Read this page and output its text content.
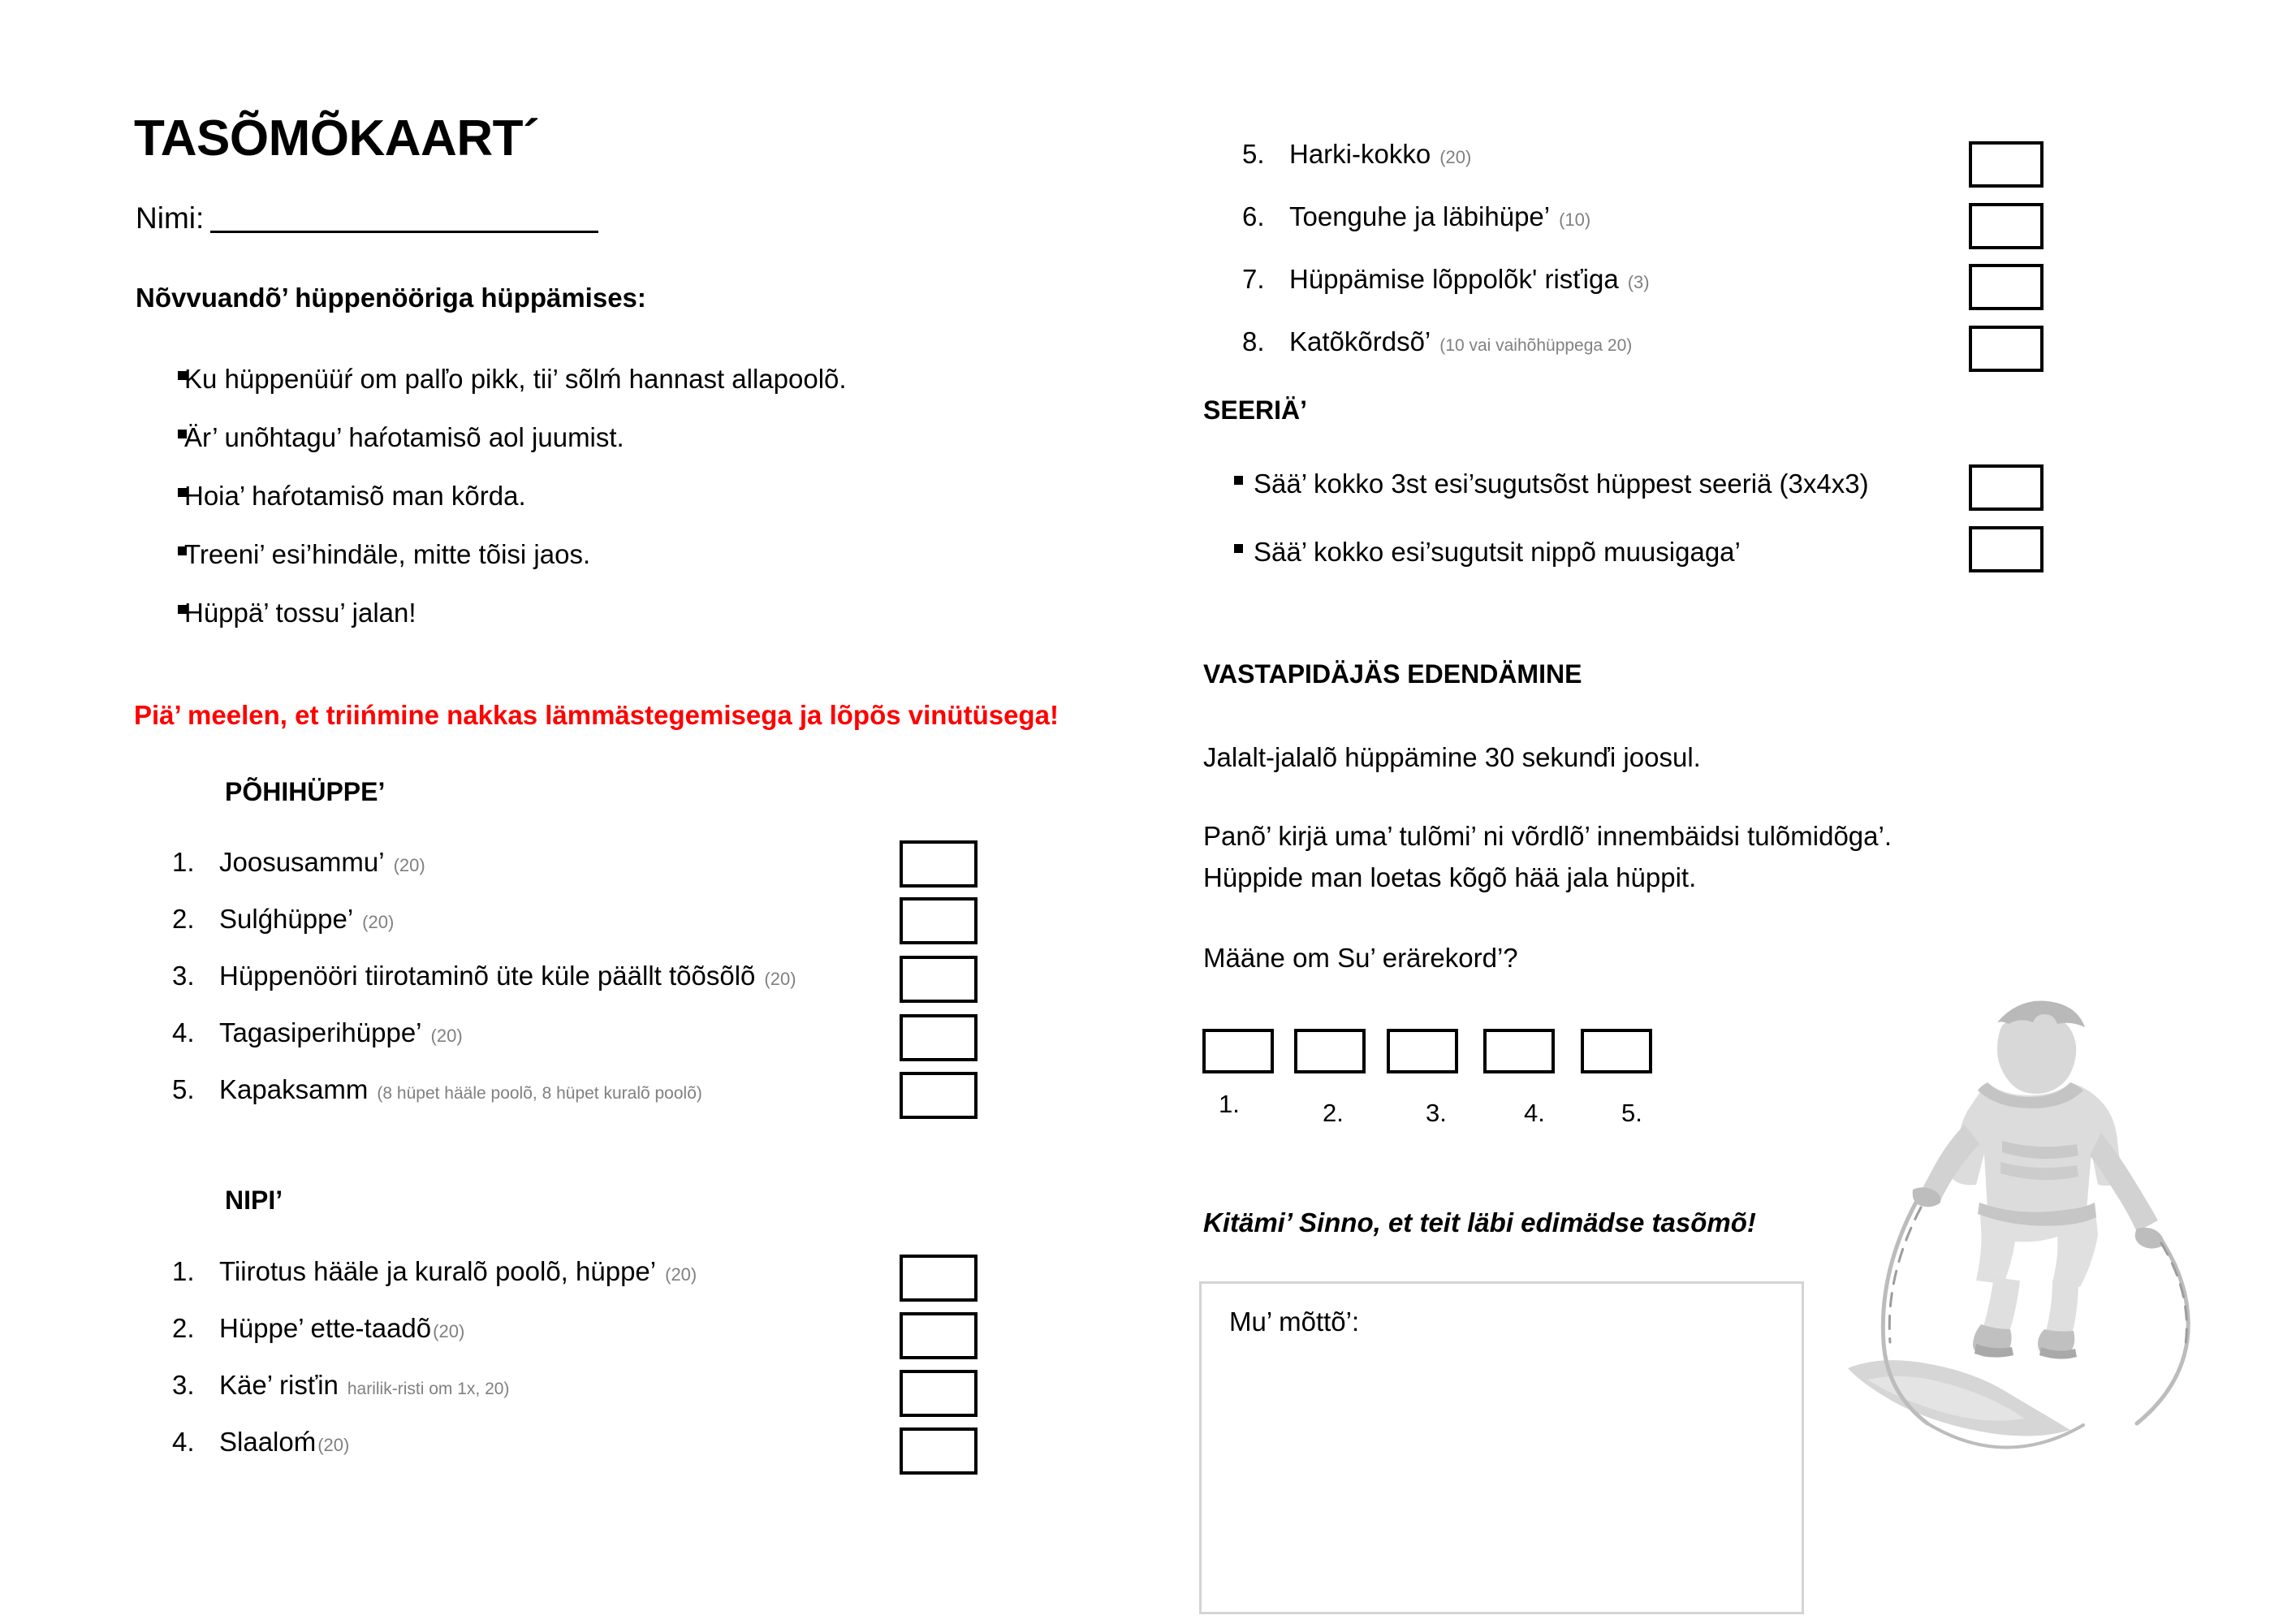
TASÕMÕKAART´
Nimi:
Nõvvuandõ’ hüppenööriga hüppämises:
Ku hüppenüüŕ om palľo pikk, tii’ sõlḿ hannast allapoolõ.
Är’ unõhtagu’ haŕotamisõ aol juumist.
Hoia’ haŕotamisõ man kõrda.
Treeni’ esi’hindäle, mitte tõisi jaos.
Hüppä’ tossu’ jalan!
Piä’ meelen, et triińmine nakkas lämmästegemisega ja lõpõs vinütüsega!
PÕHIHÜPPE’
1. Joosusammu’ (20)
2. Sulǵhüppe’ (20)
3. Hüppenööri tiirotaminõ üte küle päällt tõõsõlõ (20)
4. Tagasiperihüppe’ (20)
5. Kapaksamm (8 hüpet hääle poolõ, 8 hüpet kuralõ poolõ)
NIPI’
1. Tiirotus hääle ja kuralõ poolõ, hüppe’ (20)
2. Hüppe’ ette-taadõ (20)
3. Käe’ risťin harilik-risti om 1x, 20)
4. Slaaloḿ (20)
5. Harki-kokko (20)
6. Toenguhe ja läbihüpe’ (10)
7. Hüppämise lõppolõk' risťiga (3)
8. Katõkõrdsõ’ (10 vai vaihõhüppega 20)
SEERIÄ’
Sää’ kokko 3st esi’sugutsõst hüppest seeriä (3x4x3)
Sää’ kokko esi’sugutsit nippõ muusigaga’
VASTAPIDÄJÄS EDENDÄMINE
Jalalt-jalalõ hüppämine 30 sekunďi joosul.
Panõ’ kirjä uma’ tulõmi’ ni võrdlõ’ innembäidsi tulõmidõga’.
Hüppide man loetas kõgõ hää jala hüppit.
Määne om Su’ erärekord’?
1.	2.	3.	4.	5.
Kitämi’ Sinno, et teit läbi edimädse tasõmõ!
Mu’ mõttõ’:
